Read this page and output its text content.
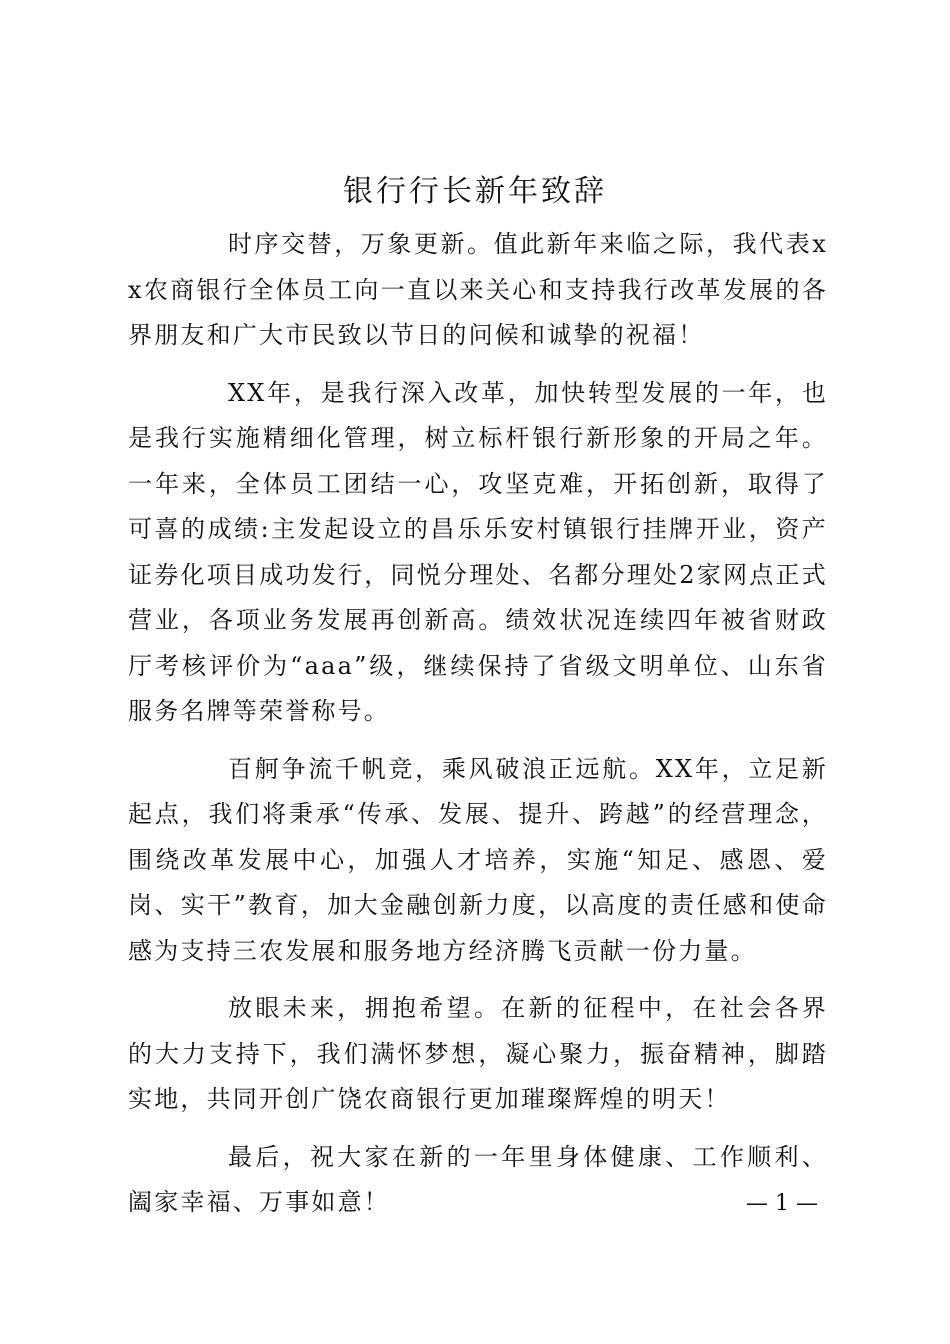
银行行长新年致辞

时序交替，万象更新。值此新年来临之际，我代表xx农商银行全体员工向一直以来关心和支持我行改革发展的各界朋友和广大市民致以节日的问候和诚挚的祝福！

XX年，是我行深入改革，加快转型发展的一年，也是我行实施精细化管理，树立标杆银行新形象的开局之年。一年来，全体员工团结一心，攻坚克难，开拓创新，取得了可喜的成绩:主发起设立的昌乐乐安村镇银行挂牌开业，资产证券化项目成功发行，同悦分理处、名都分理处2家网点正式营业，各项业务发展再创新高。绩效状况连续四年被省财政厅考核评价为“aaa”级，继续保持了省级文明单位、山东省服务名牌等荣誉称号。

百舸争流千帆竞，乘风破浪正远航。XX年，立足新起点，我们将秉承“传承、发展、提升、跨越”的经营理念，围绕改革发展中心，加强人才培养，实施“知足、感恩、爱岗、实干”教育，加大金融创新力度，以高度的责任感和使命感为支持三农发展和服务地方经济腾飞贡献一份力量。

放眼未来，拥抱希望。在新的征程中，在社会各界的大力支持下，我们满怀梦想，凝心聚力，振奋精神，脚踏实地，共同开创广饶农商银行更加璀璨辉煌的明天！

最后，祝大家在新的一年里身体健康、工作顺利、阖家幸福、万事如意！	— 1 —
